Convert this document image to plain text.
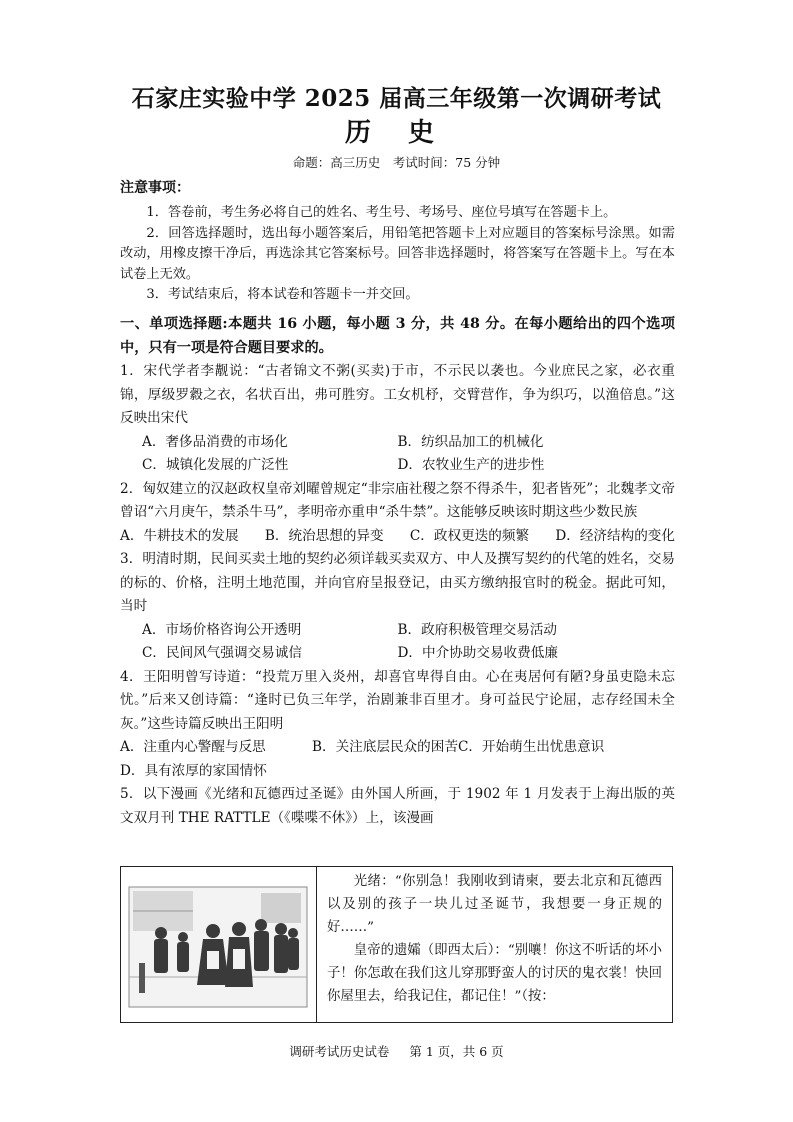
石家庄实验中学 2025 届高三年级第一次调研考试
历 史
命题：高三历史　考试时间：75 分钟
注意事项：

1．答卷前，考生务必将自己的姓名、考生号、考场号、座位号填写在答题卡上。

2．回答选择题时，选出每小题答案后，用铅笔把答题卡上对应题目的答案标号涂黑。如需改动，用橡皮擦干净后，再选涂其它答案标号。回答非选择题时，将答案写在答题卡上。写在本试卷上无效。

3．考试结束后，将本试卷和答题卡一并交回。

一、单项选择题:本题共 16 小题，每小题 3 分，共 48 分。在每小题给出的四个选项中，只有一项是符合题目要求的。

1．宋代学者李觏说：“古者锦文不粥(买卖)于市，不示民以袭也。今业庶民之家，必衣重锦，厚级罗縠之衣，名状百出，弗可胜穷。工女机杼，交臂营作，争为织巧，以渔倍息。”这反映出宋代

A．奢侈品消费的市场化	B．纺织品加工的机械化
C．城镇化发展的广泛性	D．农牧业生产的进步性

2．匈奴建立的汉赵政权皇帝刘曜曾规定“非宗庙社稷之祭不得杀牛，犯者皆死”；北魏孝文帝曾诏“六月庚午，禁杀牛马”，孝明帝亦重申“杀牛禁”。这能够反映该时期这些少数民族

A．牛耕技术的发展 B．统治思想的异变 C．政权更迭的频繁 D．经济结构的变化

3．明清时期，民间买卖土地的契约必须详载买卖双方、中人及撰写契约的代笔的姓名，交易的标的、价格，注明土地范围，并向官府呈报登记，由买方缴纳报官时的税金。据此可知，当时

A．市场价格咨询公开透明	B．政府积极管理交易活动
C．民间风气强调交易诚信	D．中介协助交易收费低廉

4．王阳明曾写诗道：“投荒万里入炎州，却喜官卑得自由。心在夷居何有陋?身虽吏隐未忘忧。”后来又创诗篇：“逢时已负三年学，治剧兼非百里才。身可益民宁论屈，志存经国未全灰。”这些诗篇反映出王阳明

A．注重内心警醒与反思	B．关注底层民众的困苦 C．开始萌生出忧患意识
D．具有浓厚的家国情怀

5．以下漫画《光绪和瓦德西过圣诞》由外国人所画，于 1902 年 1 月发表于上海出版的英文双月刊 THE RATTLE（《喋喋不休》）上，该漫画

光绪：“你别急！我刚收到请柬，要去北京和瓦德西以及别的孩子一块儿过圣诞节，我想要一身正规的好……”

皇帝的遗孀（即西太后）：“别嚷！你这不听话的坏小子！你怎敢在我们这儿穿那野蛮人的讨厌的鬼衣裳！快回你屋里去，给我记住，都记住！”（按：

调研考试历史试卷 第 1 页，共 6 页
